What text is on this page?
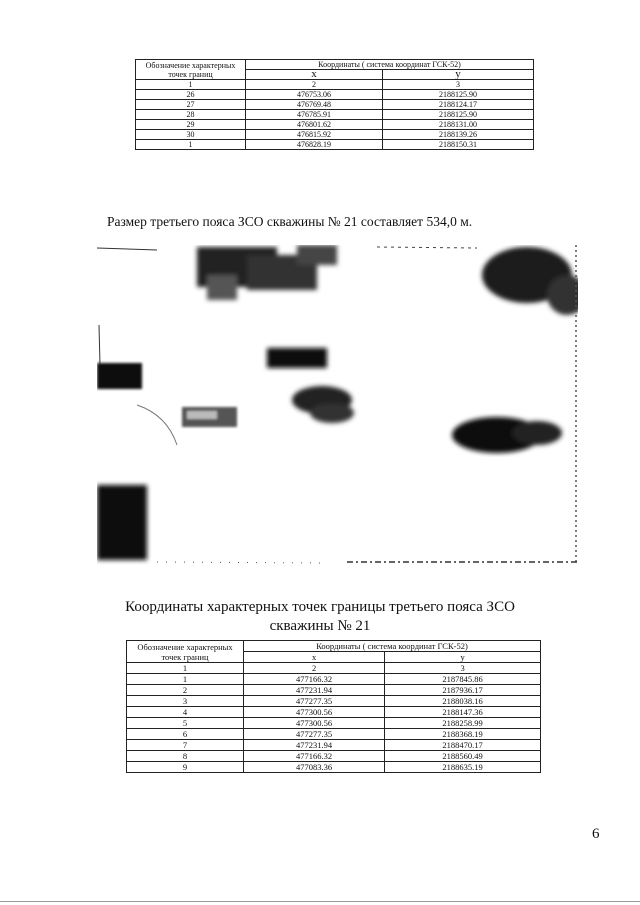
Обозначение характерных точек границ	Координаты ( система координат ГСК-52)	
	x	y
1	2	3
26	476753.06	2188125.90
27	476769.48	2188124.17
28	476785.91	2188125.90
29	476801.62	2188131.00
30	476815.92	2188139.26
1	476828.19	2188150.31
Размер третьего пояса ЗСО скважины № 21 составляет 534,0 м.
Координаты характерных точек границы третьего пояса ЗСО скважины № 21
Обозначение характерных точек границ	Координаты ( система координат ГСК-52)	
	x	y
1	2	3
1	477166.32	2187845.86
2	477231.94	2187936.17
3	477277.35	2188038.16
4	477300.56	2188147.36
5	477300.56	2188258.99
6	477277.35	2188368.19
7	477231.94	2188470.17
8	477166.32	2188560.49
9	477083.36	2188635.19
6
